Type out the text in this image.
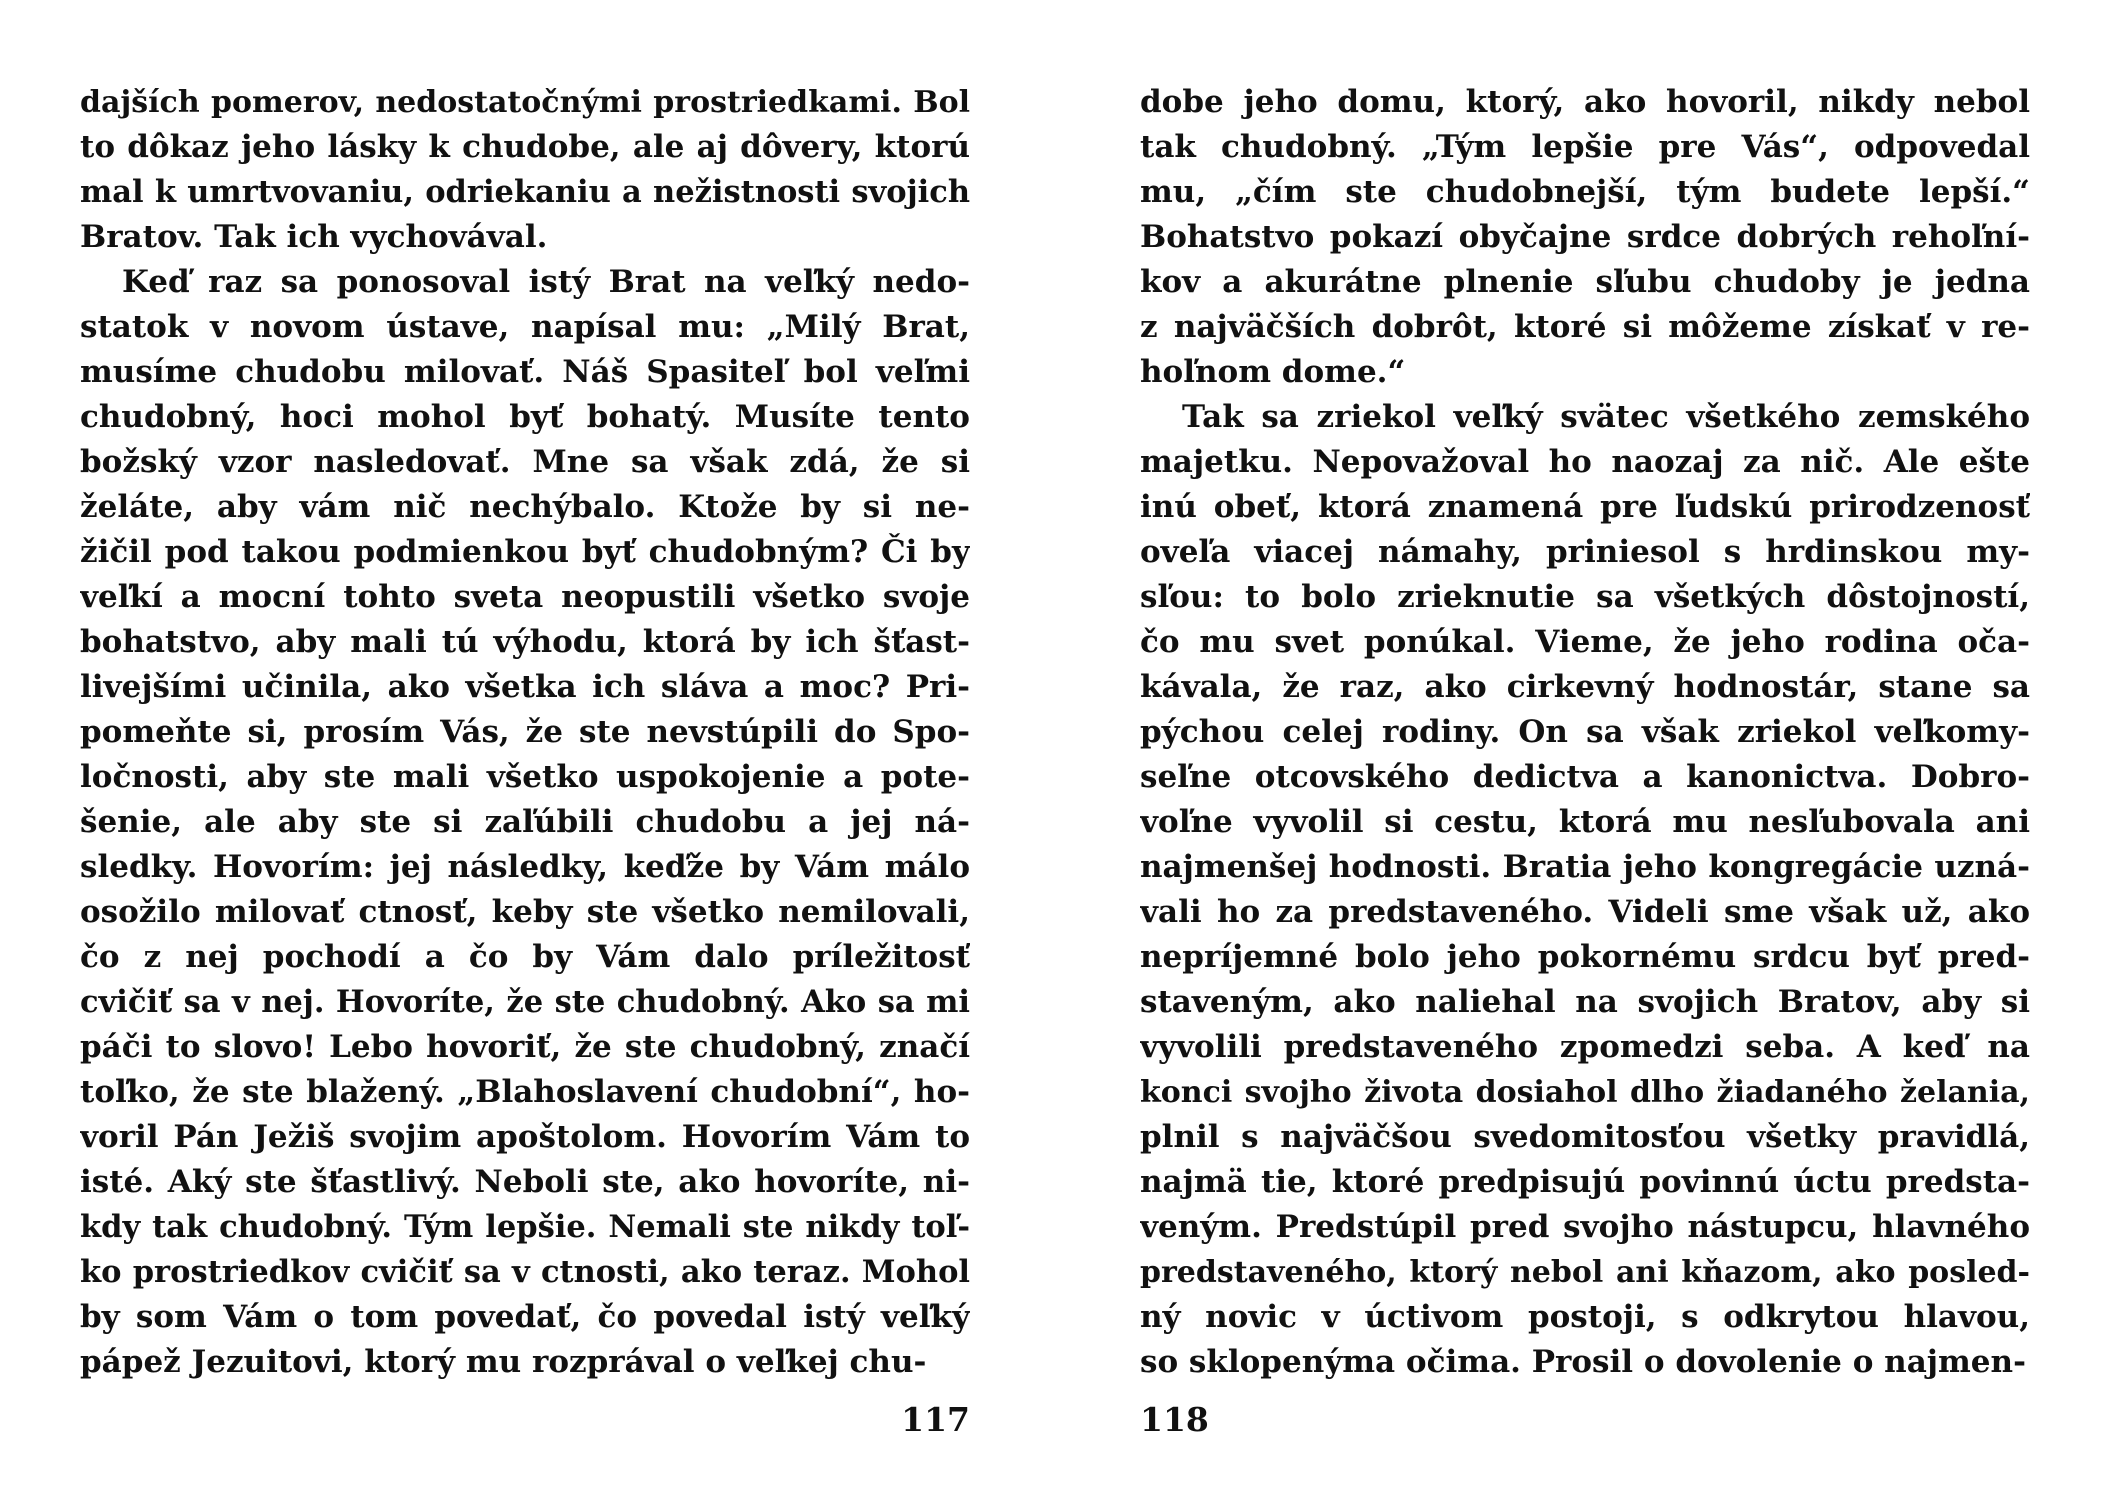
dajších pomerov, nedostatočnými prostriedkami. Bol
to dôkaz jeho lásky k chudobe, ale aj dôvery, ktorú
mal k umrtvovaniu, odriekaniu a nežistnosti svojich
Bratov. Tak ich vychovával.
Keď raz sa ponosoval istý Brat na veľký nedo-
statok v novom ústave, napísal mu: „Milý Brat,
musíme chudobu milovať. Náš Spasiteľ bol veľmi
chudobný, hoci mohol byť bohatý. Musíte tento
božský vzor nasledovať. Mne sa však zdá, že si
želáte, aby vám nič nechýbalo. Ktože by si ne-
žičil pod takou podmienkou byť chudobným? Či by
veľkí a mocní tohto sveta neopustili všetko svoje
bohatstvo, aby mali tú výhodu, ktorá by ich šťast-
livejšími učinila, ako všetka ich sláva a moc? Pri-
pomeňte si, prosím Vás, že ste nevstúpili do Spo-
ločnosti, aby ste mali všetko uspokojenie a pote-
šenie, ale aby ste si zaľúbili chudobu a jej ná-
sledky. Hovorím: jej následky, keďže by Vám málo
osožilo milovať ctnosť, keby ste všetko nemilovali,
čo z nej pochodí a čo by Vám dalo príležitosť
cvičiť sa v nej. Hovoríte, že ste chudobný. Ako sa mi
páči to slovo! Lebo hovoriť, že ste chudobný, značí
toľko, že ste blažený. „Blahoslavení chudobní“, ho-
voril Pán Ježiš svojim apoštolom. Hovorím Vám to
isté. Aký ste šťastlivý. Neboli ste, ako hovoríte, ni-
kdy tak chudobný. Tým lepšie. Nemali ste nikdy toľ-
ko prostriedkov cvičiť sa v ctnosti, ako teraz. Mohol
by som Vám o tom povedať, čo povedal istý veľký
pápež Jezuitovi, ktorý mu rozprával o veľkej chu-
117
dobe jeho domu, ktorý, ako hovoril, nikdy nebol
tak chudobný. „Tým lepšie pre Vás“, odpovedal
mu, „čím ste chudobnejší, tým budete lepší.“
Bohatstvo pokazí obyčajne srdce dobrých rehoľní-
kov a akurátne plnenie sľubu chudoby je jedna
z najväčších dobrôt, ktoré si môžeme získať v re-
hoľnom dome.“
Tak sa zriekol veľký svätec všetkého zemského
majetku. Nepovažoval ho naozaj za nič. Ale ešte
inú obeť, ktorá znamená pre ľudskú prirodzenosť
oveľa viacej námahy, priniesol s hrdinskou my-
sľou: to bolo zrieknutie sa všetkých dôstojností,
čo mu svet ponúkal. Vieme, že jeho rodina oča-
kávala, že raz, ako cirkevný hodnostár, stane sa
pýchou celej rodiny. On sa však zriekol veľkomy-
seľne otcovského dedictva a kanonictva. Dobro-
voľne vyvolil si cestu, ktorá mu nesľubovala ani
najmenšej hodnosti. Bratia jeho kongregácie uzná-
vali ho za predstaveného. Videli sme však už, ako
nepríjemné bolo jeho pokornému srdcu byť pred-
staveným, ako naliehal na svojich Bratov, aby si
vyvolili predstaveného zpomedzi seba. A keď na
konci svojho života dosiahol dlho žiadaného želania,
plnil s najväčšou svedomitosťou všetky pravidlá,
najmä tie, ktoré predpisujú povinnú úctu predsta-
veným. Predstúpil pred svojho nástupcu, hlavného
predstaveného, ktorý nebol ani kňazom, ako posled-
ný novic v úctivom postoji, s odkrytou hlavou,
so sklopenýma očima. Prosil o dovolenie o najmen-
118
